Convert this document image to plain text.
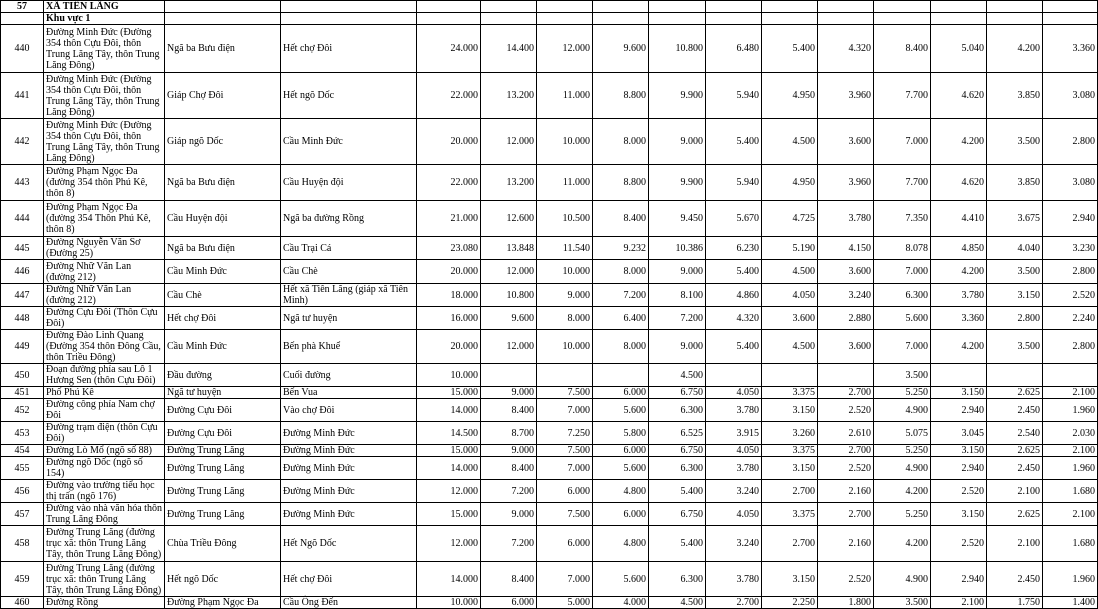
57	XÃ TIÊN LÃNG														
	Khu vực 1														
440	Đường Minh Đức (Đường 354 thôn Cựu Đôi, thôn Trung Lăng Tây, thôn Trung Lăng Đông)	Ngã ba Bưu điện	Hết chợ Đôi	24.000	14.400	12.000	9.600	10.800	6.480	5.400	4.320	8.400	5.040	4.200	3.360
441	Đường Minh Đức (Đường 354 thôn Cựu Đôi, thôn Trung Lăng Tây, thôn Trung Lăng Đông)	Giáp Chợ Đôi	Hết ngõ Dốc	22.000	13.200	11.000	8.800	9.900	5.940	4.950	3.960	7.700	4.620	3.850	3.080
442	Đường Minh Đức (Đường 354 thôn Cựu Đôi, thôn Trung Lăng Tây, thôn Trung Lăng Đông)	Giáp ngõ Dốc	Cầu Minh Đức	20.000	12.000	10.000	8.000	9.000	5.400	4.500	3.600	7.000	4.200	3.500	2.800
443	Đường Phạm Ngọc Đa (đường 354 thôn Phú Kê, thôn 8)	Ngã ba Bưu điện	Cầu Huyện đội	22.000	13.200	11.000	8.800	9.900	5.940	4.950	3.960	7.700	4.620	3.850	3.080
444	Đường Phạm Ngọc Đa (đường 354 Thôn Phú Kê, thôn 8)	Cầu Huyện đội	Ngã ba đường Rồng	21.000	12.600	10.500	8.400	9.450	5.670	4.725	3.780	7.350	4.410	3.675	2.940
445	Đường Nguyễn Văn Sơ (Đường 25)	Ngã ba Bưu điện	Cầu Trại Cá	23.080	13.848	11.540	9.232	10.386	6.230	5.190	4.150	8.078	4.850	4.040	3.230
446	Đường Nhữ Văn Lan (đường 212)	Cầu Minh Đức	Cầu Chè	20.000	12.000	10.000	8.000	9.000	5.400	4.500	3.600	7.000	4.200	3.500	2.800
447	Đường Nhữ Văn Lan (đường 212)	Cầu Chè	Hết xã Tiên Lãng (giáp xã Tiên Minh)	18.000	10.800	9.000	7.200	8.100	4.860	4.050	3.240	6.300	3.780	3.150	2.520
448	Đường Cựu Đôi (Thôn Cựu Đôi)	Hết chợ Đôi	Ngã tư huyện	16.000	9.600	8.000	6.400	7.200	4.320	3.600	2.880	5.600	3.360	2.800	2.240
449	Đường Đào Linh Quang (Đường 354 thôn Đông Cầu, thôn Triều Đông)	Cầu Minh Đức	Bến phà Khuể	20.000	12.000	10.000	8.000	9.000	5.400	4.500	3.600	7.000	4.200	3.500	2.800
450	Đoạn đường phía sau Lô 1 Hương Sen (thôn Cựu Đôi)	Đầu đường	Cuối đường	10.000				4.500				3.500			
451	Phố Phú Kê	Ngã tư huyện	Bến Vua	15.000	9.000	7.500	6.000	6.750	4.050	3.375	2.700	5.250	3.150	2.625	2.100
452	Đường công phía Nam chợ Đôi	Đường Cựu Đôi	Vào chợ Đôi	14.000	8.400	7.000	5.600	6.300	3.780	3.150	2.520	4.900	2.940	2.450	1.960
453	Đường trạm điện (thôn Cựu Đôi)	Đường Cựu Đôi	Đường Minh Đức	14.500	8.700	7.250	5.800	6.525	3.915	3.260	2.610	5.075	3.045	2.540	2.030
454	Đường Lò Mổ (ngõ số 88)	Đường Trung Lăng	Đường Minh Đức	15.000	9.000	7.500	6.000	6.750	4.050	3.375	2.700	5.250	3.150	2.625	2.100
455	Đường ngõ Dốc (ngõ số 154)	Đường Trung Lăng	Đường Minh Đức	14.000	8.400	7.000	5.600	6.300	3.780	3.150	2.520	4.900	2.940	2.450	1.960
456	Đường vào trường tiểu học thị trấn (ngõ 176)	Đường Trung Lăng	Đường Minh Đức	12.000	7.200	6.000	4.800	5.400	3.240	2.700	2.160	4.200	2.520	2.100	1.680
457	Đường vào nhà văn hóa thôn Trung Lăng Đông	Đường Trung Lăng	Đường Minh Đức	15.000	9.000	7.500	6.000	6.750	4.050	3.375	2.700	5.250	3.150	2.625	2.100
458	Đường Trung Lăng (đường trục xã: thôn Trung Lăng Tây, thôn Trung Lăng Đông)	Chùa Triều Đông	Hết Ngõ Dốc	12.000	7.200	6.000	4.800	5.400	3.240	2.700	2.160	4.200	2.520	2.100	1.680
459	Đường Trung Lăng (đường trục xã: thôn Trung Lăng Tây, thôn Trung Lăng Đông)	Hết ngõ Dốc	Hết chợ Đôi	14.000	8.400	7.000	5.600	6.300	3.780	3.150	2.520	4.900	2.940	2.450	1.960
460	Đường Rồng	Đường Phạm Ngọc Đa	Cầu Ông Đến	10.000	6.000	5.000	4.000	4.500	2.700	2.250	1.800	3.500	2.100	1.750	1.400
